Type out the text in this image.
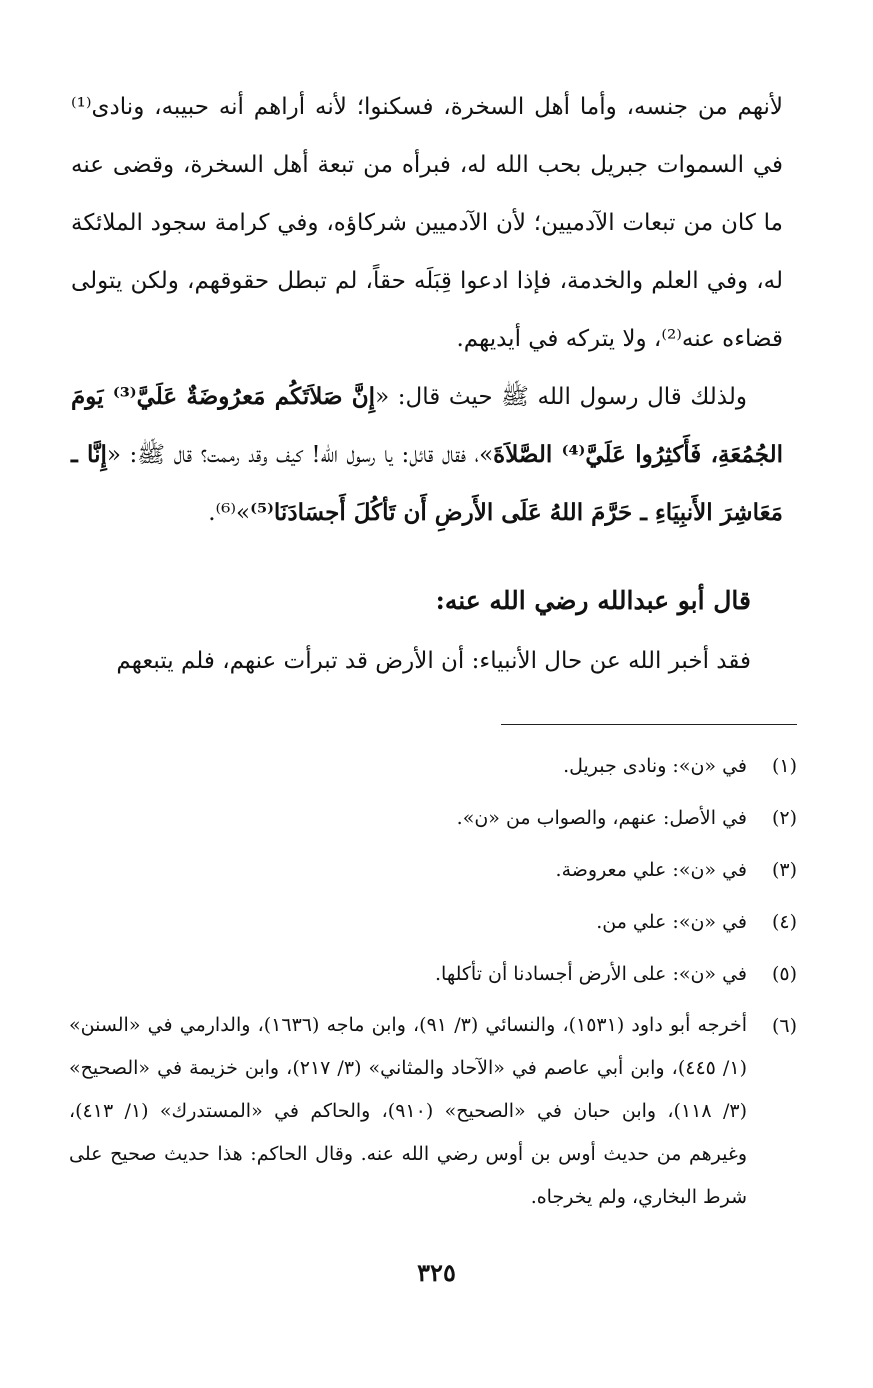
لأنهم من جنسه، وأما أهل السخرة، فسكنوا؛ لأنه أراهم أنه حبيبه، ونادى⁽¹⁾ في السموات جبريل بحب الله له، فبرأه من تبعة أهل السخرة، وقضى عنه ما كان من تبعات الآدميين؛ لأن الآدميين شركاؤه، وفي كرامة سجود الملائكة له، وفي العلم والخدمة، فإذا ادعوا قِبَلَه حقاً، لم تبطل حقوقهم، ولكن يتولى قضاءه عنه⁽²⁾، ولا يتركه في أيديهم.

ولذلك قال رسول الله ﷺ حيث قال: «إِنَّ صَلاَتَكُم مَعرُوضَةٌ عَلَيَّ⁽³⁾ يَومَ الجُمُعَةِ، فَأَكثِرُوا عَلَيَّ⁽⁴⁾ الصَّلاَةَ»، فقال قائل: يا رسول الله! كيف وقد رممت؟ قال ﷺ: «إِنَّا ـ مَعَاشِرَ الأَنبِيَاءِ ـ حَرَّمَ اللهُ عَلَى الأَرضِ أَن تَأكُلَ أَجسَادَنَا⁽⁵⁾»⁽⁶⁾.

قال أبو عبدالله رضي الله عنه:
فقد أخبر الله عن حال الأنبياء: أن الأرض قد تبرأت عنهم، فلم يتبعهم
(١)
في «ن»: ونادى جبريل.
(٢)
في الأصل: عنهم، والصواب من «ن».
(٣)
في «ن»: علي معروضة.
(٤)
في «ن»: علي من.
(٥)
في «ن»: على الأرض أجسادنا أن تأكلها.
(٦)
أخرجه أبو داود (١٥٣١)، والنسائي (٣/ ٩١)، وابن ماجه (١٦٣٦)، والدارمي في «السنن» (١/ ٤٤٥)، وابن أبي عاصم في «الآحاد والمثاني» (٣/ ٢١٧)، وابن خزيمة في «الصحيح» (٣/ ١١٨)، وابن حبان في «الصحيح» (٩١٠)، والحاكم في «المستدرك» (١/ ٤١٣)، وغيرهم من حديث أوس بن أوس رضي الله عنه. وقال الحاكم: هذا حديث صحيح على شرط البخاري، ولم يخرجاه.
٣٢٥
